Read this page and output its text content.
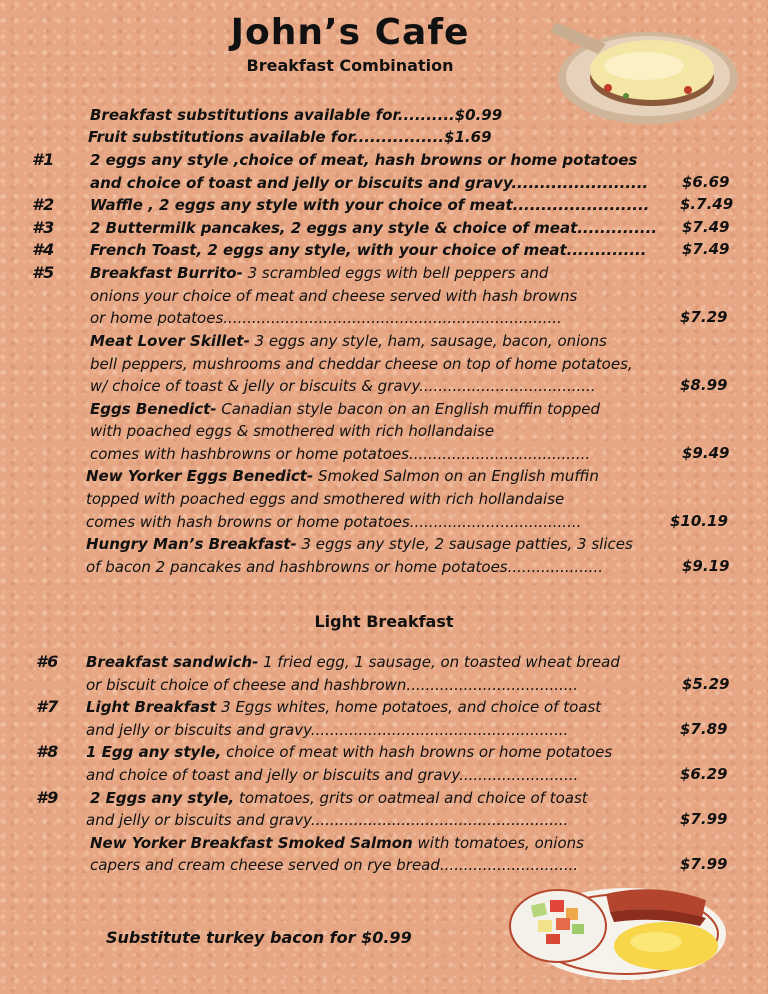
John’s Cafe
Breakfast Combination
Breakfast substitutions available for..........$0.99
Fruit substitutions available for................$1.69
#1 2 eggs any style ,choice of meat, hash browns or home potatoes
and choice of toast and jelly or biscuits and gravy........................ $6.69
#2 Waffle , 2 eggs any style with your choice of meat........................ $.7.49
#3 2 Buttermilk pancakes, 2 eggs any style & choice of meat.............. $7.49
#4 French Toast, 2 eggs any style, with your choice of meat.............. $7.49
#5 Breakfast Burrito- 3 scrambled eggs with bell peppers and
onions your choice of meat and cheese served with hash browns
or home potatoes.......................................................................	$7.29
Meat Lover Skillet- 3 eggs any style, ham, sausage, bacon, onions
bell peppers, mushrooms and cheddar cheese on top of home potatoes,
w/ choice of toast & jelly or biscuits & gravy.....................................	$8.99
Eggs Benedict- Canadian style bacon on an English muffin topped
with poached eggs & smothered with rich hollandaise
comes with hashbrowns or home potatoes......................................	$9.49
New Yorker Eggs Benedict- Smoked Salmon on an English muffin
topped with poached eggs and smothered with rich hollandaise
comes with hash browns or home potatoes....................................	$10.19
Hungry Man’s Breakfast- 3 eggs any style, 2 sausage patties, 3 slices
of bacon 2 pancakes and hashbrowns or home potatoes....................	$9.19
Light Breakfast
#6 Breakfast sandwich- 1 fried egg, 1 sausage, on toasted wheat bread
or biscuit choice of cheese and hashbrown....................................	$5.29
#7 Light Breakfast 3 Eggs whites, home potatoes, and choice of toast
and jelly or biscuits and gravy......................................................	$7.89
#8 1 Egg any style, choice of meat with hash browns or home potatoes
and choice of toast and jelly or biscuits and gravy.........................	$6.29
#9 2 Eggs any style, tomatoes, grits or oatmeal and choice of toast
and jelly or biscuits and gravy......................................................	$7.99
New Yorker Breakfast Smoked Salmon with tomatoes, onions
capers and cream cheese served on rye bread.............................	$7.99
Substitute turkey bacon for $0.99
